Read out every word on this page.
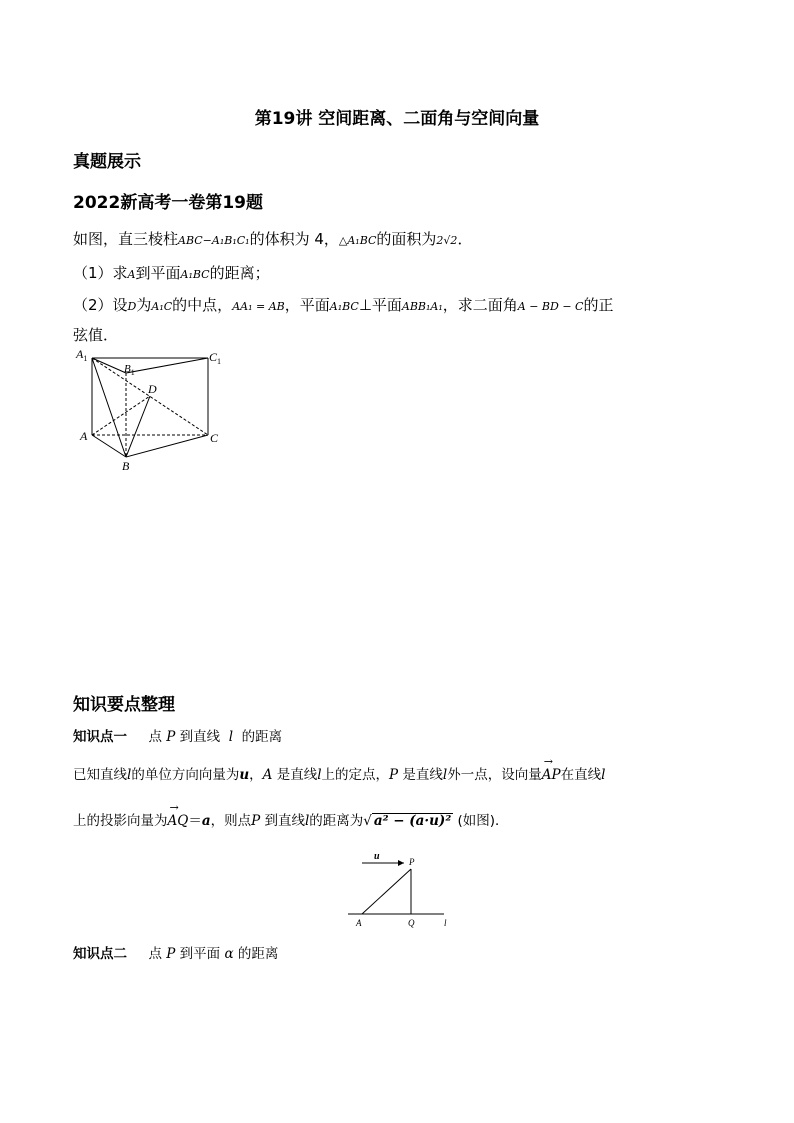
第19讲 空间距离、二面角与空间向量
真题展示
2022新高考一卷第19题
如图，直三棱柱ABC−A₁B₁C₁的体积为 4，△A₁BC的面积为2√2．
（1）求A到平面A₁BC的距离；
（2）设D为A₁C的中点，AA₁ = AB，平面A₁BC⊥平面ABB₁A₁，求二面角A − BD − C的正
弦值．
$A_1$
$B_1$
$C_1$
D
A
B
C
知识要点整理
知识点一 点 P 到直线 l 的距离
已知直线l的单位方向向量为u，A 是直线l上的定点，P 是直线l外一点，设向量→ AP在直线l
上的投影向量为→ AQ＝a，则点P 到直线l的距离为√ a² − (a·u)² (如图)．
u	P
A	Q	l
知识点二 点 P 到平面 α 的距离
